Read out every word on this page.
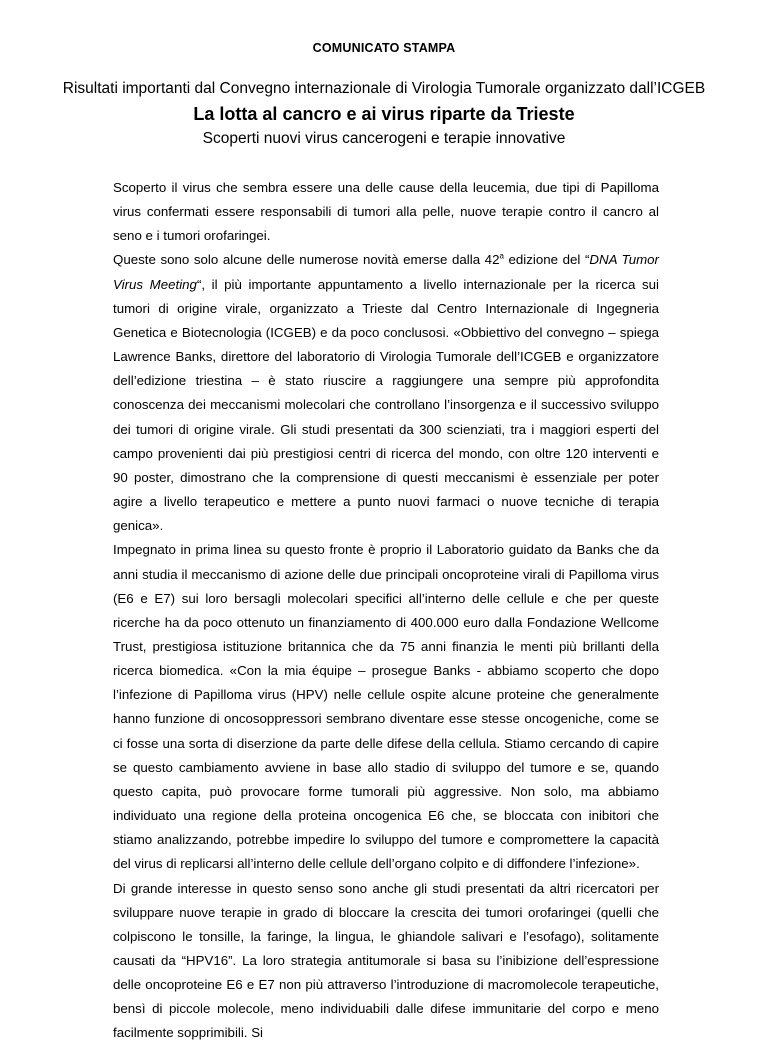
COMUNICATO STAMPA
Risultati importanti dal Convegno internazionale di Virologia Tumorale organizzato dall’ICGEB
La lotta al cancro e ai virus riparte da Trieste
Scoperti nuovi virus cancerogeni e terapie innovative

Scoperto il virus che sembra essere una delle cause della leucemia, due tipi di Papilloma virus confermati essere responsabili di tumori alla pelle, nuove terapie contro il cancro al seno e i tumori orofaringei.

Queste sono solo alcune delle numerose novità emerse dalla 42$^a$ edizione del “DNA Tumor Virus Meeting“, il più importante appuntamento a livello internazionale per la ricerca sui tumori di origine virale, organizzato a Trieste dal Centro Internazionale di Ingegneria Genetica e Biotecnologia (ICGEB) e da poco conclusosi. «Obbiettivo del convegno – spiega Lawrence Banks, direttore del laboratorio di Virologia Tumorale dell’ICGEB e organizzatore dell’edizione triestina – è stato riuscire a raggiungere una sempre più approfondita conoscenza dei meccanismi molecolari che controllano l’insorgenza e il successivo sviluppo dei tumori di origine virale. Gli studi presentati da 300 scienziati, tra i maggiori esperti del campo provenienti dai più prestigiosi centri di ricerca del mondo, con oltre 120 interventi e 90 poster, dimostrano che la comprensione di questi meccanismi è essenziale per poter agire a livello terapeutico e mettere a punto nuovi farmaci o nuove tecniche di terapia genica».

Impegnato in prima linea su questo fronte è proprio il Laboratorio guidato da Banks che da anni studia il meccanismo di azione delle due principali oncoproteine virali di Papilloma virus (E6 e E7) sui loro bersagli molecolari specifici all’interno delle cellule e che per queste ricerche ha da poco ottenuto un finanziamento di 400.000 euro dalla Fondazione Wellcome Trust, prestigiosa istituzione britannica che da 75 anni finanzia le menti più brillanti della ricerca biomedica. «Con la mia équipe – prosegue Banks - abbiamo scoperto che dopo l’infezione di Papilloma virus (HPV) nelle cellule ospite alcune proteine che generalmente hanno funzione di oncosoppressori sembrano diventare esse stesse oncogeniche, come se ci fosse una sorta di diserzione da parte delle difese della cellula. Stiamo cercando di capire se questo cambiamento avviene in base allo stadio di sviluppo del tumore e se, quando questo capita, può provocare forme tumorali più aggressive. Non solo, ma abbiamo individuato una regione della proteina oncogenica E6 che, se bloccata con inibitori che stiamo analizzando, potrebbe impedire lo sviluppo del tumore e compromettere la capacità del virus di replicarsi all’interno delle cellule dell’organo colpito e di diffondere l’infezione».

Di grande interesse in questo senso sono anche gli studi presentati da altri ricercatori per sviluppare nuove terapie in grado di bloccare la crescita dei tumori orofaringei (quelli che colpiscono le tonsille, la faringe, la lingua, le ghiandole salivari e l’esofago), solitamente causati da “HPV16”. La loro strategia antitumorale si basa su l’inibizione dell’espressione delle oncoproteine E6 e E7 non più attraverso l’introduzione di macromolecole terapeutiche, bensì di piccole molecole, meno individuabili dalle difese immunitarie del corpo e meno facilmente sopprimibili. Si
